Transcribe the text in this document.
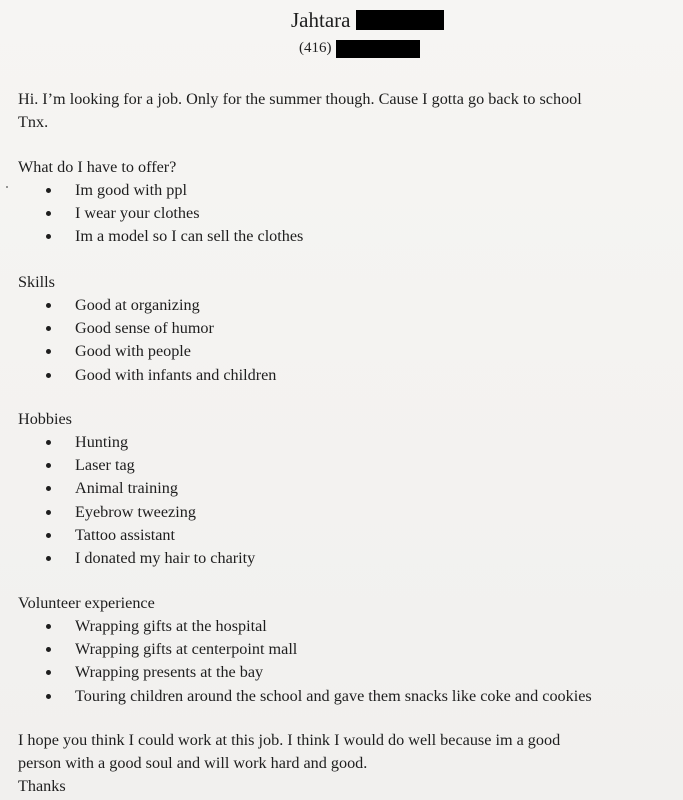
Jahtara
(416)

Hi. I’m looking for a job. Only for the summer though. Cause I gotta go back to school

Tnx.

What do I have to offer?
Im good with ppl
I wear your clothes
Im a model so I can sell the clothes
Skills
Good at organizing
Good sense of humor
Good with people
Good with infants and children
Hobbies
Hunting
Laser tag
Animal training
Eyebrow tweezing
Tattoo assistant
I donated my hair to charity
Volunteer experience
Wrapping gifts at the hospital
Wrapping gifts at centerpoint mall
Wrapping presents at the bay
Touring children around the school and gave them snacks like coke and cookies

I hope you think I could work at this job. I think I would do well because im a good

person with a good soul and will work hard and good.

Thanks
